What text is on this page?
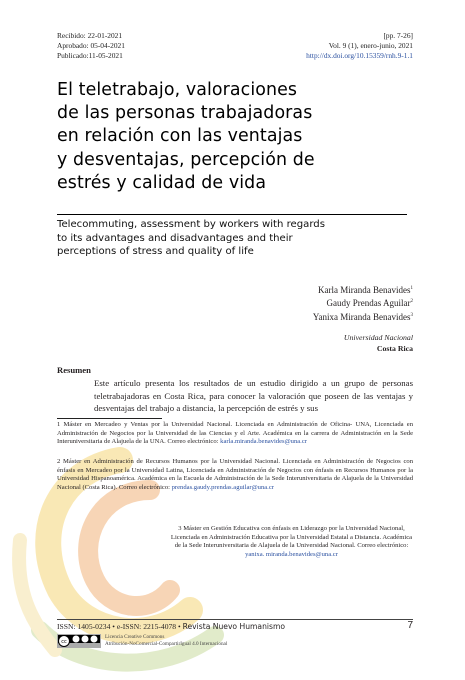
Recibido: 22-01-2021
Aprobado: 05-04-2021
Publicado:11-05-2021
[pp. 7-26]
Vol. 9 (1), enero-junio, 2021
http://dx.doi.org/10.15359/rnh.9-1.1
El teletrabajo, valoraciones
de las personas trabajadoras
en relación con las ventajas
y desventajas, percepción de
estrés y calidad de vida
Telecommuting, assessment by workers with regards
to its advantages and disadvantages and their
perceptions of stress and quality of life
Karla Miranda Benavides$^1$
Gaudy Prendas Aguilar$^2$
Yanixa Miranda Benavides$^3$
Universidad Nacional
Costa Rica
Resumen
Este artículo presenta los resultados de un estudio dirigido a un grupo de personas teletrabajadoras en Costa Rica, para conocer la valoración que poseen de las ventajas y desventajas del trabajo a distancia, la percepción de estrés y sus
1 Máster en Mercadeo y Ventas por la Universidad Nacional. Licenciada en Administración de Oficina- UNA, Licenciada en Administración de Negocios por la Universidad de las Ciencias y el Arte. Académica en la carrera de Administración en la Sede Interuniversitaria de Alajuela de la UNA. Correo electrónico: karla.miranda.benavides@una.cr
2 Máster en Administración de Recursos Humanos por la Universidad Nacional. Licenciada en Administración de Negocios con énfasis en Mercadeo por la Universidad Latina, Licenciada en Administración de Negocios con énfasis en Recursos Humanos por la Universidad Hispanoamérica. Académica en la Escuela de Administración de la Sede Interuniversitaria de Alajuela de la Universidad Nacional (Costa Rica). Correo electrónico: prendas.gaudy.prendas.aguilar@una.cr
3 Máster en Gestión Educativa con énfasis en Liderazgo por la Universidad Nacional, Licenciada en Administración Educativa por la Universidad Estatal a Distancia. Académica de la Sede Interuniversitaria de Alajuela de la Universidad Nacional. Correo electrónico: yanixa. miranda.benavides@una.cr
ISSN: 1405-0234 • e-ISSN: 2215-4078 • Revista Nuevo Humanismo	7
cc
Licencia Creative Commons
Atribución-NoComercial-CompartirIgual 4.0 Internacional
